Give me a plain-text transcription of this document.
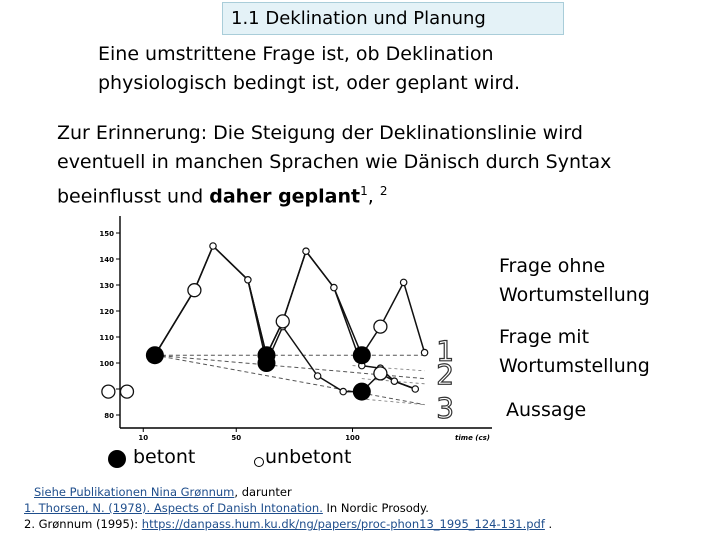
1.1 Deklination und Planung
Eine umstrittene Frage ist, ob Deklination
physiologisch bedingt ist, oder geplant wird.
Zur Erinnerung: Die Steigung der Deklinationslinie wird
eventuell in manchen Sprachen wie Dänisch durch Syntax
beeinflusst und daher geplant$^1$, $^2$
150
140
130
120
110
100
80
10	50	100	time (cs)
1
2
3
Frage ohne
Wortumstellung
Frage mit
Wortumstellung
Aussage
betont	unbetont
Siehe Publikationen Nina Grønnum, darunter
1. Thorsen, N. (1978). Aspects of Danish Intonation. In Nordic Prosody.
2. Grønnum (1995): https://danpass.hum.ku.dk/ng/papers/proc-phon13_1995_124-131.pdf .
